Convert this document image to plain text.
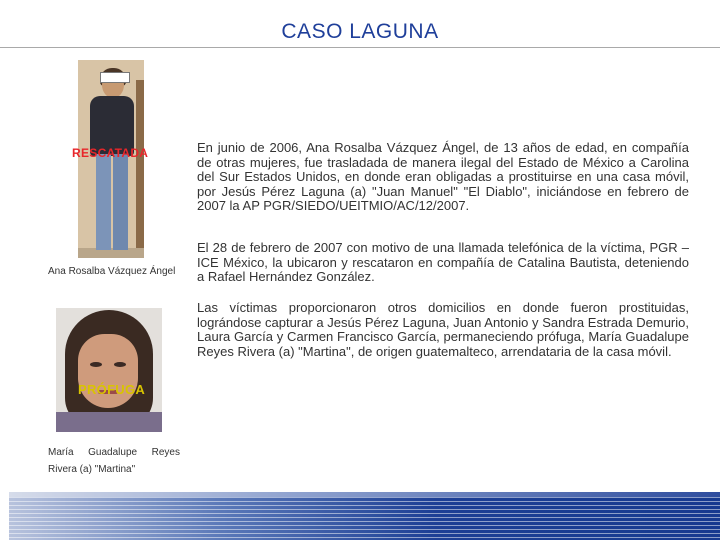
CASO LAGUNA
RESCATADA
Ana Rosalba Vázquez Ángel
PRÓFUGA
María Guadalupe Reyes Rivera (a) "Martina"

En junio de 2006, Ana Rosalba Vázquez Ángel, de 13 años de edad, en compañía de otras mujeres, fue trasladada de manera ilegal del Estado de México a Carolina del Sur Estados Unidos, en donde eran obligadas a prostituirse en una casa móvil, por Jesús Pérez Laguna (a) "Juan Manuel" "El Diablo", iniciándose en febrero de 2007 la AP PGR/SIEDO/UEITMIO/AC/12/2007.

El 28 de febrero de 2007 con motivo de una llamada telefónica de la víctima, PGR – ICE México, la ubicaron y rescataron en compañía de Catalina Bautista, deteniendo a Rafael Hernández González.

Las víctimas proporcionaron otros domicilios en donde fueron prostituidas, lográndose capturar a Jesús Pérez Laguna, Juan Antonio y Sandra Estrada Demurio, Laura García y Carmen Francisco García, permaneciendo prófuga, María Guadalupe Reyes Rivera (a) "Martina", de origen guatemalteco, arrendataria de la casa móvil.
